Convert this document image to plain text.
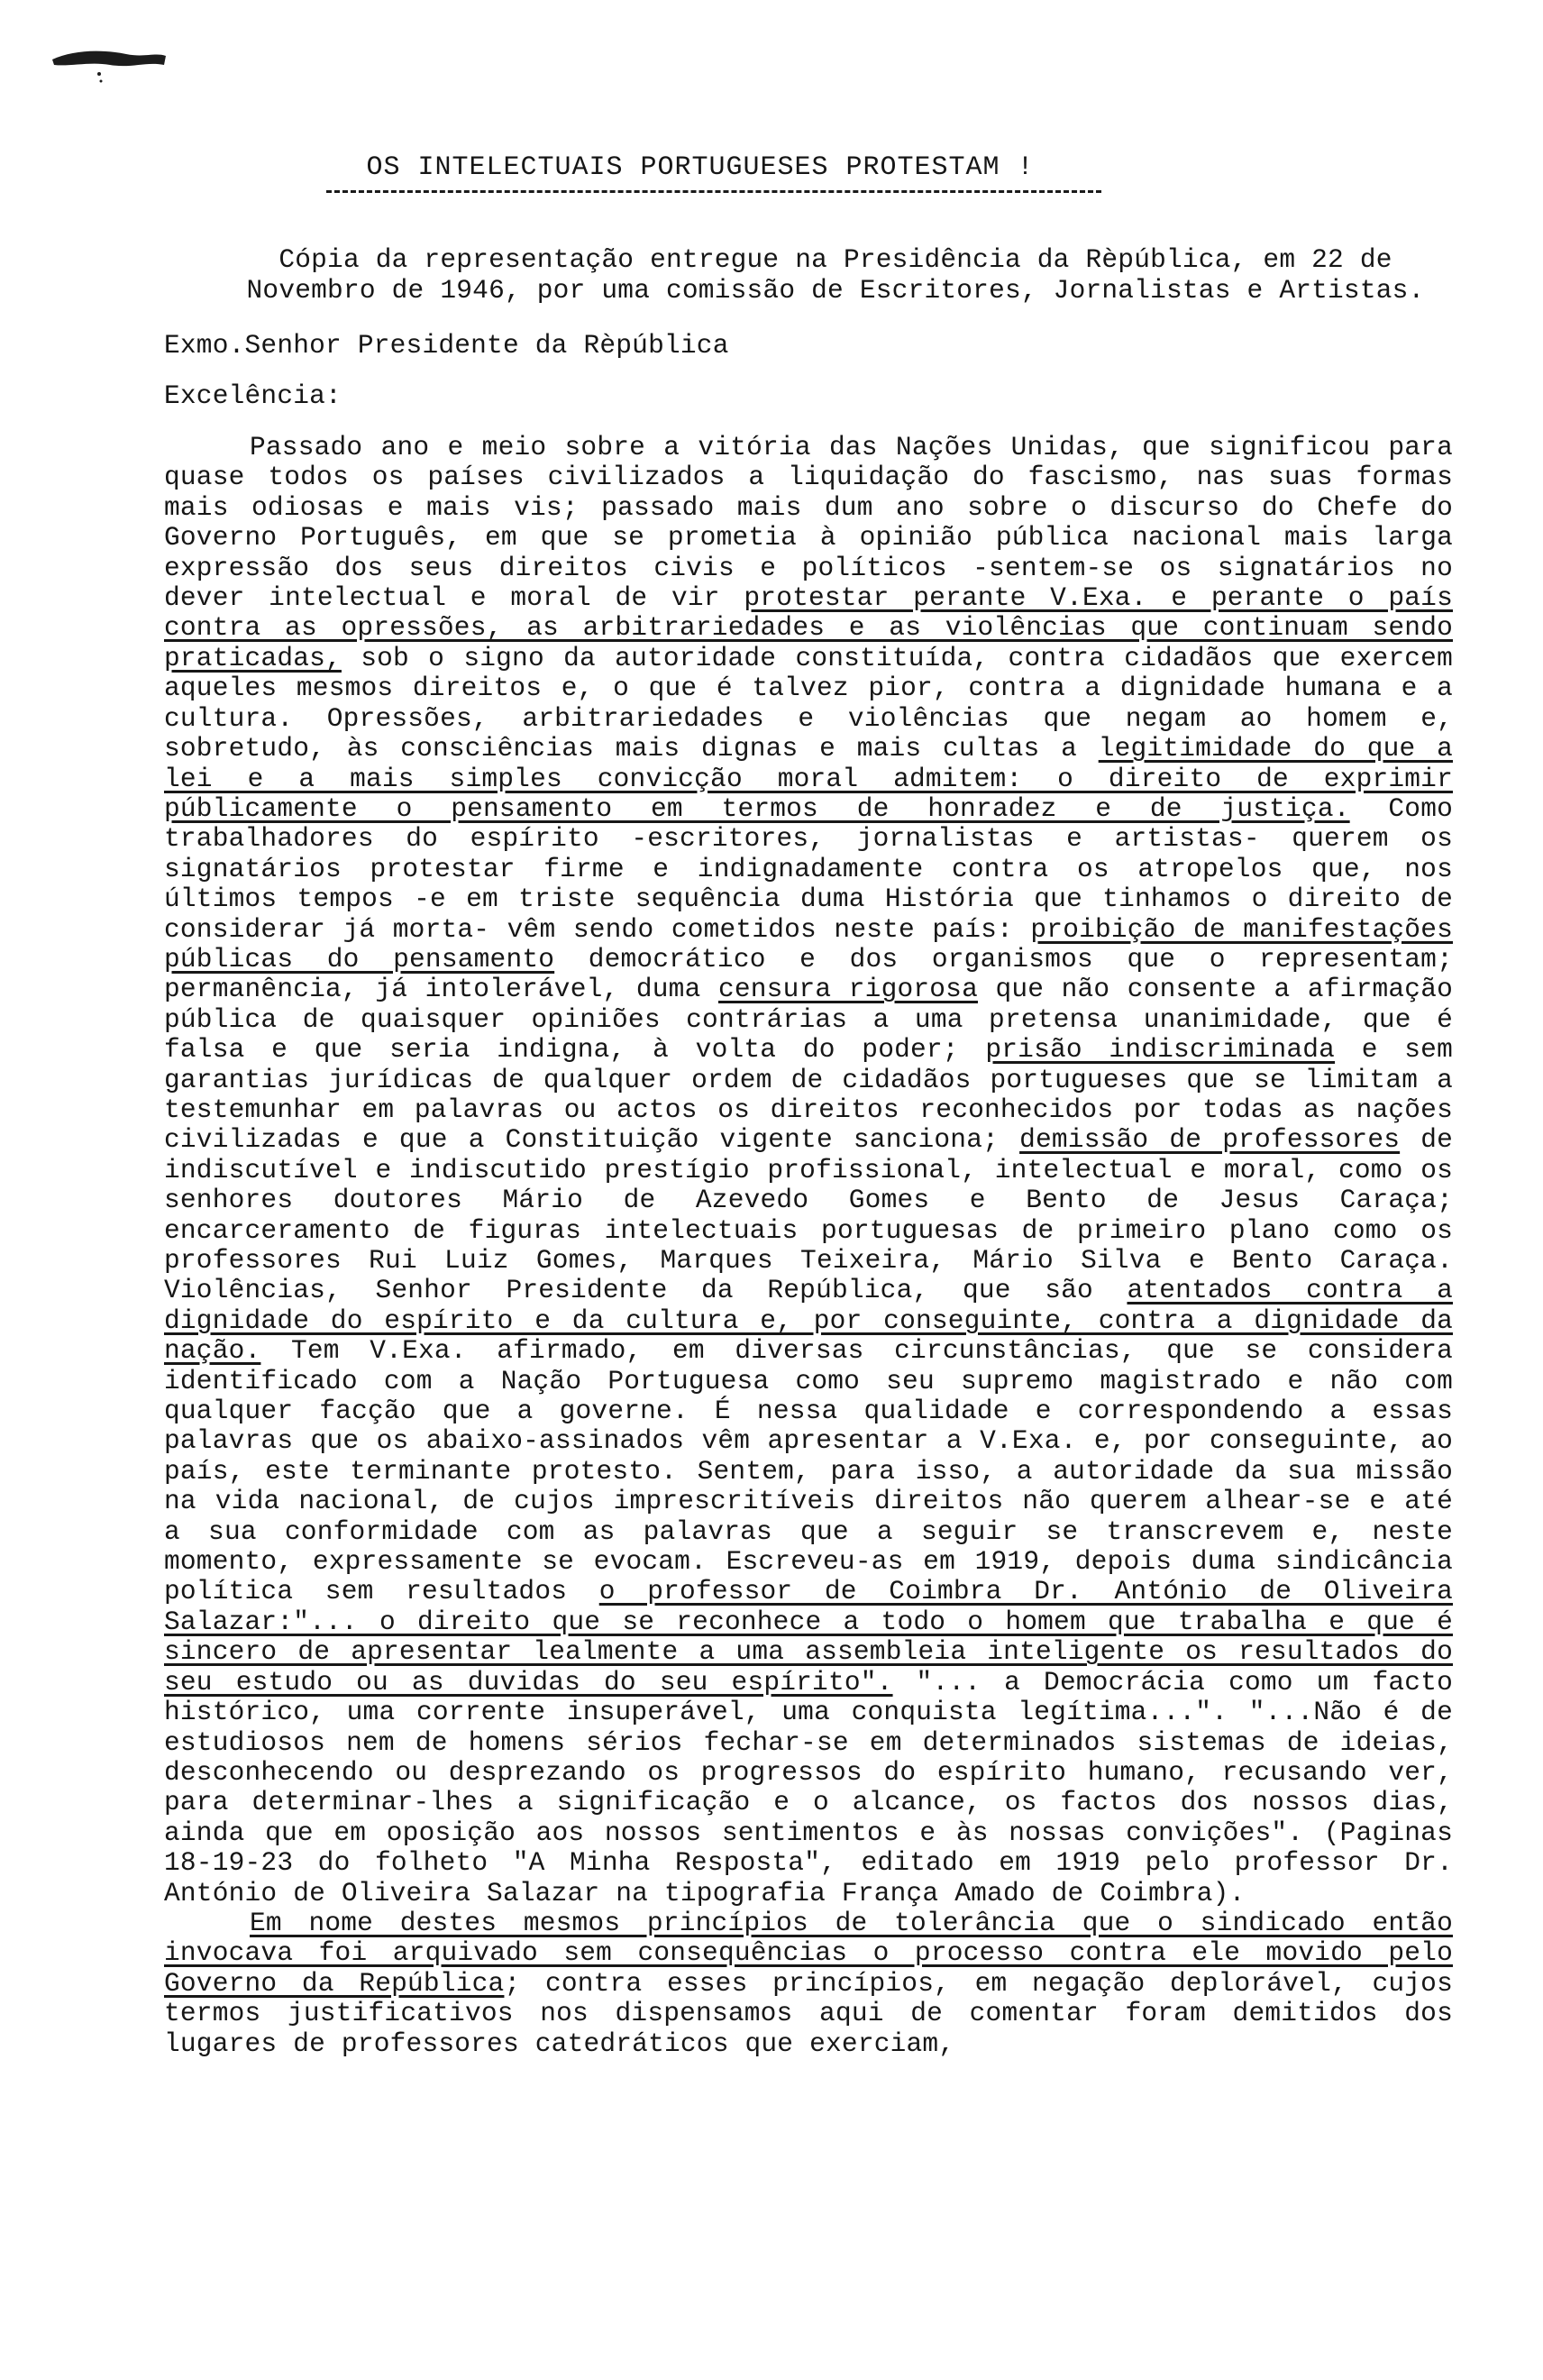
OS INTELECTUAIS PORTUGUESES PROTESTAM !
Cópia da representação entregue na Presidência da Rèpública, em 22 de Novembro de 1946, por uma comissão de Escritores, Jornalistas e Artistas.
Exmo.Senhor Presidente da Rèpública
Excelência:

Passado ano e meio sobre a vitória das Nações Unidas, que significou para quase todos os países civilizados a liquidação do fascismo, nas suas formas mais odiosas e mais vis; passado mais dum ano sobre o discurso do Chefe do Governo Português, em que se prometia à opinião pública nacional mais larga expressão dos seus direitos civis e políticos -sentem-se os signatários no dever intelectual e moral de vir protestar perante V.Exa. e perante o país contra as opressões, as arbitrariedades e as violências que continuam sendo praticadas, sob o signo da autoridade constituída, contra cidadãos que exercem aqueles mesmos direitos e, o que é talvez pior, contra a dignidade humana e a cultura. Opressões, arbitrariedades e violências que negam ao homem e, sobretudo, às consciências mais dignas e mais cultas a legitimidade do que a lei e a mais simples convicção moral admitem: o direito de exprimir públicamente o pensamento em termos de honradez e de justiça. Como trabalhadores do espírito -escritores, jornalistas e artistas- querem os signatários protestar firme e indignadamente contra os atropelos que, nos últimos tempos -e em triste sequência duma História que tinhamos o direito de considerar já morta- vêm sendo cometidos neste país: proibição de manifestações públicas do pensamento democrático e dos organismos que o representam; permanência, já intolerável, duma censura rigorosa que não consente a afirmação pública de quaisquer opiniões contrárias a uma pretensa unanimidade, que é falsa e que seria indigna, à volta do poder; prisão indiscriminada e sem garantias jurídicas de qualquer ordem de cidadãos portugueses que se limitam a testemunhar em palavras ou actos os direitos reconhecidos por todas as nações civilizadas e que a Constituição vigente sanciona; demissão de professores de indiscutível e indiscutido prestígio profissional, intelectual e moral, como os senhores doutores Mário de Azevedo Gomes e Bento de Jesus Caraça; encarceramento de figuras intelectuais portuguesas de primeiro plano como os professores Rui Luiz Gomes, Marques Teixeira, Mário Silva e Bento Caraça. Violências, Senhor Presidente da República, que são atentados contra a dignidade do espírito e da cultura e, por conseguinte, contra a dignidade da nação. Tem V.Exa. afirmado, em diversas circunstâncias, que se considera identificado com a Nação Portuguesa como seu supremo magistrado e não com qualquer facção que a governe. É nessa qualidade e correspondendo a essas palavras que os abaixo-assinados vêm apresentar a V.Exa. e, por conseguinte, ao país, este terminante protesto. Sentem, para isso, a autoridade da sua missão na vida nacional, de cujos imprescritíveis direitos não querem alhear-se e até a sua conformidade com as palavras que a seguir se transcrevem e, neste momento, expressamente se evocam. Escreveu-as em 1919, depois duma sindicância política sem resultados o professor de Coimbra Dr. António de Oliveira Salazar:"... o direito que se reconhece a todo o homem que trabalha e que é sincero de apresentar lealmente a uma assembleia inteligente os resultados do seu estudo ou as duvidas do seu espírito". "... a Democrácia como um facto histórico, uma corrente insuperável, uma conquista legítima...". "...Não é de estudiosos nem de homens sérios fechar-se em determinados sistemas de ideias, desconhecendo ou desprezando os progressos do espírito humano, recusando ver, para determinar-lhes a significação e o alcance, os factos dos nossos dias, ainda que em oposição aos nossos sentimentos e às nossas convições". (Paginas 18-19-23 do folheto "A Minha Resposta", editado em 1919 pelo professor Dr. António de Oliveira Salazar na tipografia França Amado de Coimbra).

Em nome destes mesmos princípios de tolerância que o sindicado então invocava foi arquivado sem consequências o processo contra ele movido pelo Governo da República; contra esses princípios, em negação deplorável, cujos termos justificativos nos dispensamos aqui de comentar foram demitidos dos lugares de professores catedráticos que exerciam,
